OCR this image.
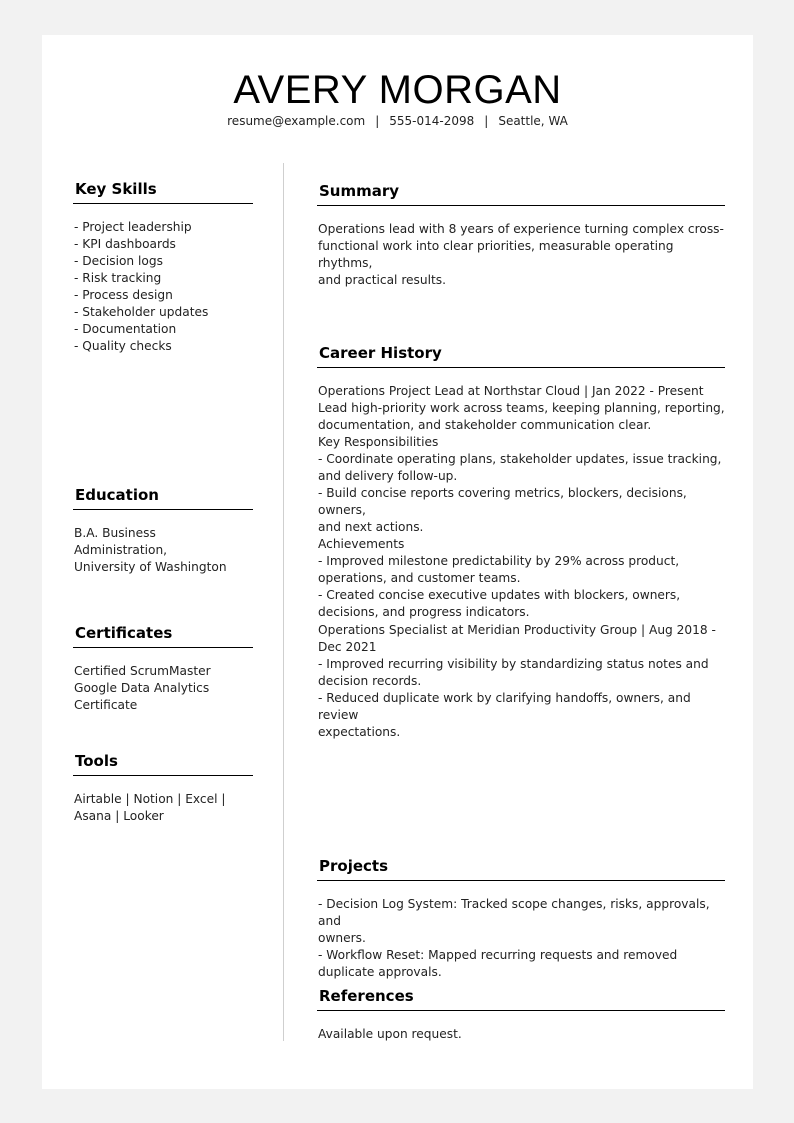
AVERY MORGAN
resume@example.com | 555-014-2098 | Seattle, WA
Key Skills
- Project leadership
- KPI dashboards
- Decision logs
- Risk tracking
- Process design
- Stakeholder updates
- Documentation
- Quality checks
Education
B.A. Business Administration,
University of Washington
Certificates
Certified ScrumMaster
Google Data Analytics
Certificate
Tools
Airtable | Notion | Excel |
Asana | Looker
Summary
Operations lead with 8 years of experience turning complex cross-
functional work into clear priorities, measurable operating rhythms,
and practical results.
Career History
Operations Project Lead at Northstar Cloud | Jan 2022 - Present
Lead high-priority work across teams, keeping planning, reporting,
documentation, and stakeholder communication clear.
Key Responsibilities
- Coordinate operating plans, stakeholder updates, issue tracking,
and delivery follow-up.
- Build concise reports covering metrics, blockers, decisions, owners,
and next actions.
Achievements
- Improved milestone predictability by 29% across product,
operations, and customer teams.
- Created concise executive updates with blockers, owners,
decisions, and progress indicators.
Operations Specialist at Meridian Productivity Group | Aug 2018 -
Dec 2021
- Improved recurring visibility by standardizing status notes and
decision records.
- Reduced duplicate work by clarifying handoffs, owners, and review
expectations.
Projects
- Decision Log System: Tracked scope changes, risks, approvals, and
owners.
- Workflow Reset: Mapped recurring requests and removed
duplicate approvals.
References
Available upon request.
